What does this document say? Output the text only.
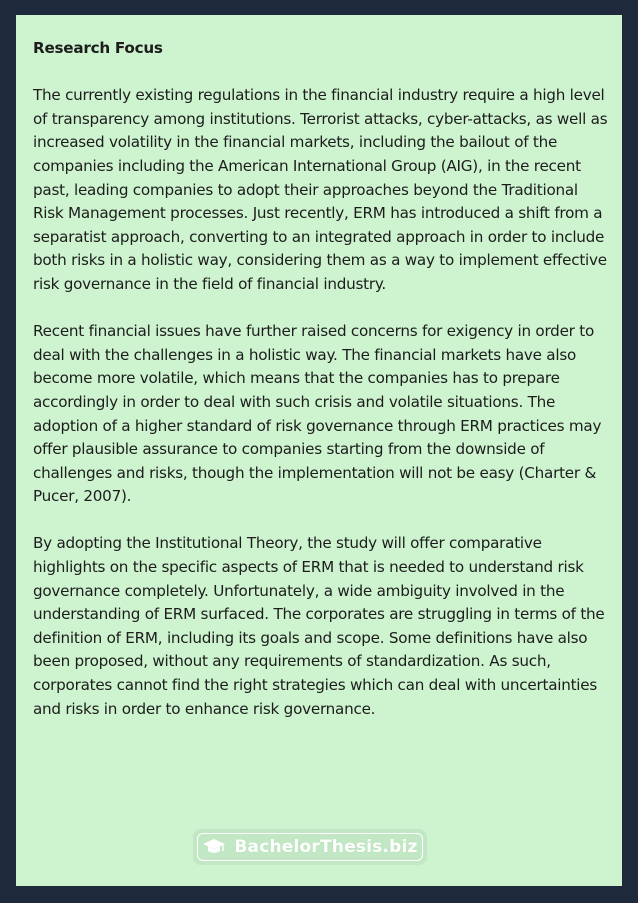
Research Focus

The currently existing regulations in the financial industry require a high level of transparency among institutions. Terrorist attacks, cyber-attacks, as well as increased volatility in the financial markets, including the bailout of the companies including the American International Group (AIG), in the recent past, leading companies to adopt their approaches beyond the Traditional Risk Management processes. Just recently, ERM has introduced a shift from a separatist approach, converting to an integrated approach in order to include both risks in a holistic way, considering them as a way to implement effective risk governance in the field of financial industry.

Recent financial issues have further raised concerns for exigency in order to deal with the challenges in a holistic way. The financial markets have also become more volatile, which means that the companies has to prepare accordingly in order to deal with such crisis and volatile situations. The adoption of a higher standard of risk governance through ERM practices may offer plausible assurance to companies starting from the downside of challenges and risks, though the implementation will not be easy (Charter & Pucer, 2007).

By adopting the Institutional Theory, the study will offer comparative highlights on the specific aspects of ERM that is needed to understand risk governance completely. Unfortunately, a wide ambiguity involved in the understanding of ERM surfaced. The corporates are struggling in terms of the definition of ERM, including its goals and scope. Some definitions have also been proposed, without any requirements of standardization. As such, corporates cannot find the right strategies which can deal with uncertainties and risks in order to enhance risk governance.

BachelorThesis.biz
